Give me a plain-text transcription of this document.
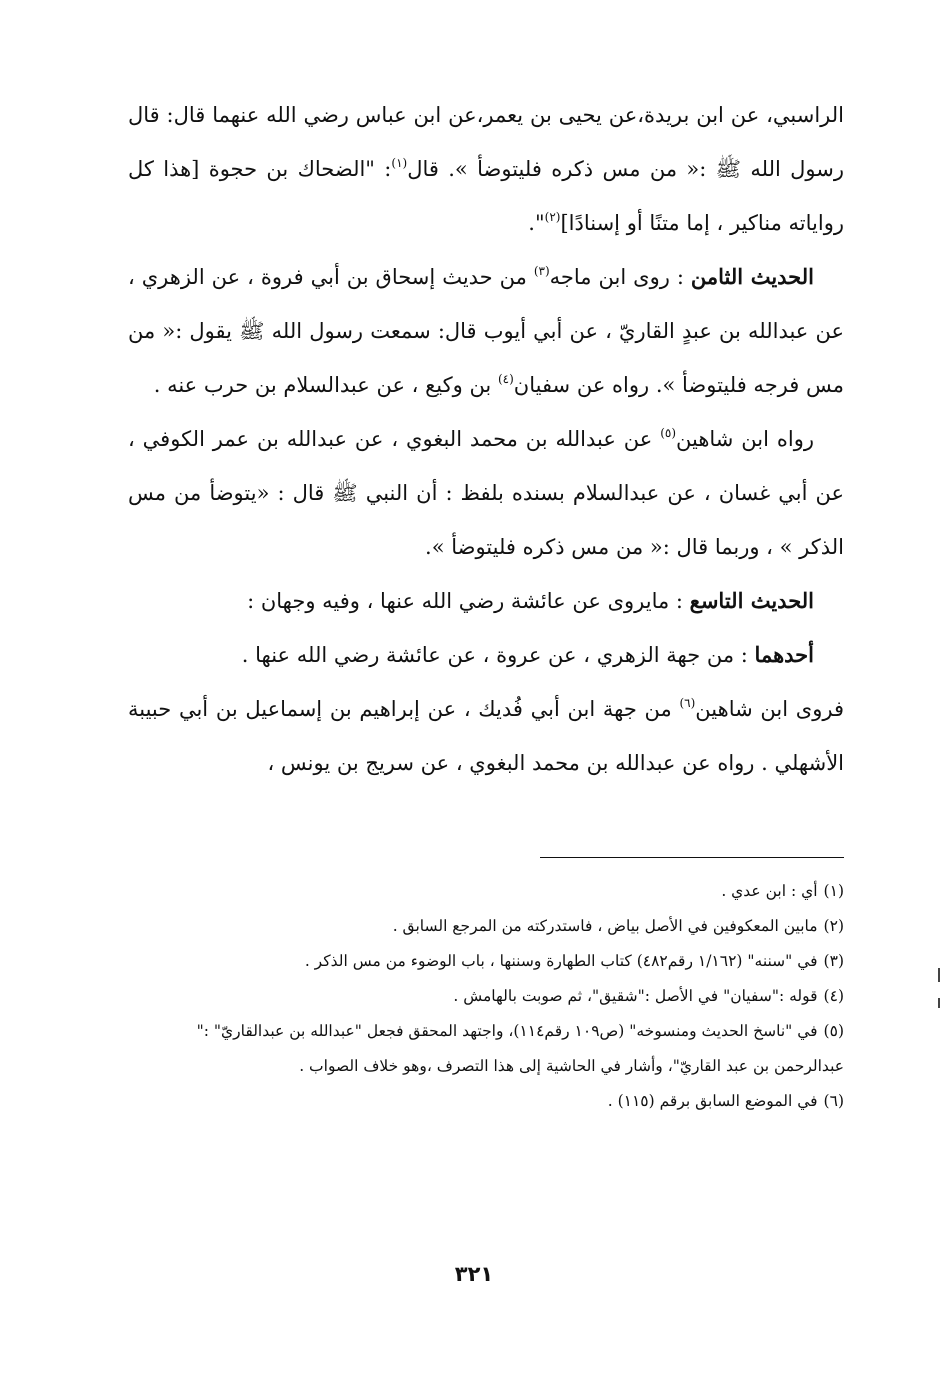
الراسبي، عن ابن بريدة،عن يحيى بن يعمر،عن ابن عباس رضي الله عنهما قال: قال رسول الله ﷺ :« من مس ذكره فليتوضأ ». قال$^{(١)}$: "الضحاك بن حجوة [هذا كل رواياته مناكير ، إما متنًا أو إسنادًا]$^{(٢)}$".

الحديث الثامن : روى ابن ماجه$^{(٣)}$ من حديث إسحاق بن أبي فروة ، عن الزهري ، عن عبدالله بن عبدٍ القاريّ ، عن أبي أيوب قال: سمعت رسول الله ﷺ يقول :« من مس فرجه فليتوضأ ». رواه عن سفيان$^{(٤)}$ بن وكيع ، عن عبدالسلام بن حرب عنه .

رواه ابن شاهين$^{(٥)}$ عن عبدالله بن محمد البغوي ، عن عبدالله بن عمر الكوفي ، عن أبي غسان ، عن عبدالسلام بسنده بلفظ : أن النبي ﷺ قال : «يتوضأ من مس الذكر » ، وربما قال :« من مس ذكره فليتوضأ ».

الحديث التاسع : مايروى عن عائشة رضي الله عنها ، وفيه وجهان :

أحدهما : من جهة الزهري ، عن عروة ، عن عائشة رضي الله عنها .

فروى ابن شاهين$^{(٦)}$ من جهة ابن أبي فُديك ، عن إبراهيم بن إسماعيل بن أبي حبيبة الأشهلي . رواه عن عبدالله بن محمد البغوي ، عن سريج بن يونس ،

(١)أي : ابن عدي .

(٢)مابين المعكوفين في الأصل بياض ، فاستدركته من المرجع السابق .

(٣)في "سننه" (١/١٦٢ رقم٤٨٢) كتاب الطهارة وسننها ، باب الوضوء من مس الذكر .

(٤)قوله :"سفيان" في الأصل :"شقيق"، ثم صوبت بالهامش .

(٥)في "ناسخ الحديث ومنسوخه" (ص١٠٩ رقم١١٤)، واجتهد المحقق فجعل "عبدالله بن عبدالقاريّ" :" عبدالرحمن بن عبد القاريّ"، وأشار في الحاشية إلى هذا التصرف ،وهو خلاف الصواب .

(٦)في الموضع السابق برقم (١١٥) .

٣٢١
